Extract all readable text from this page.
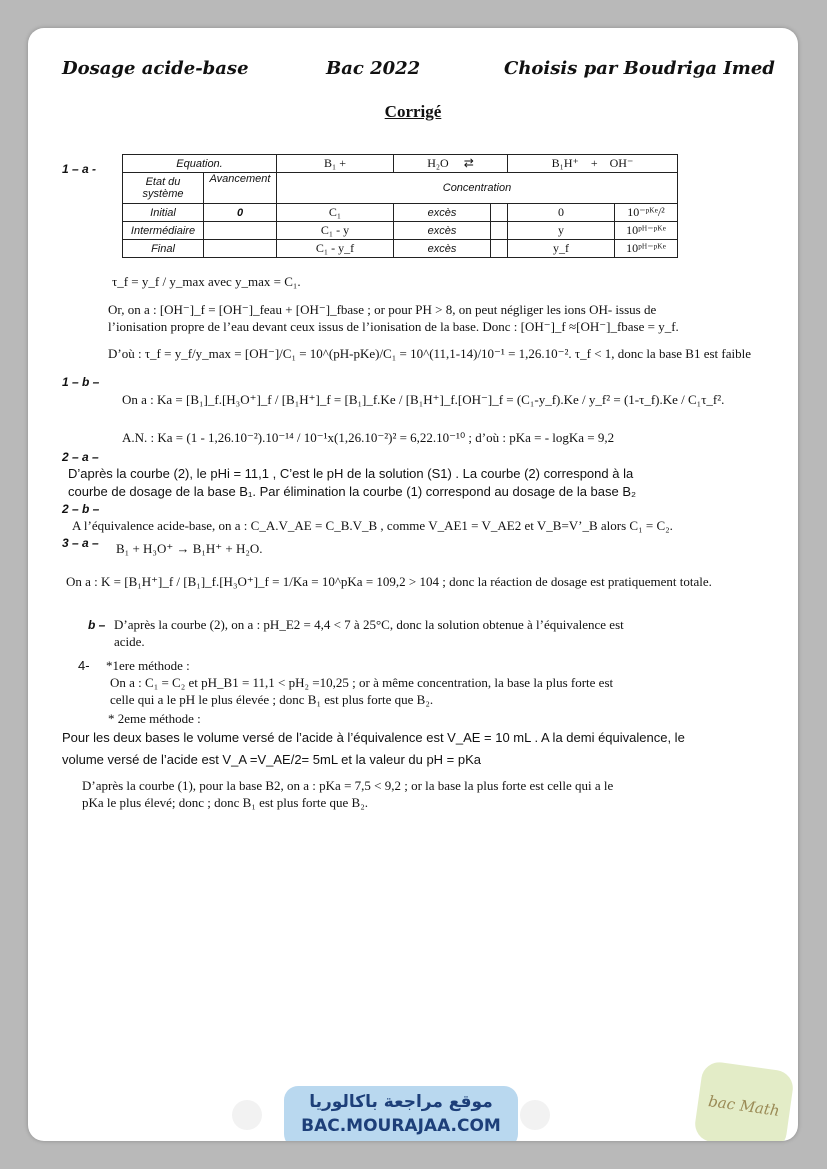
Dosage acide-base	Bac 2022	Choisis par Boudriga Imed
Corrigé
1 – a -	Equation.		B₁ +	H₂O ⇄		B₁H⁺ + OH⁻	
Etat du système	Avancement	Concentration				
Initial	0	C₁	excès		0	10⁻ᵖᴷᵉ/²
Intermédiaire		C₁ - y	excès		y	10ᵖᴴ⁻ᵖᴷᵉ
Final		C₁ - y_f	excès		y_f	10ᵖᴴ⁻ᵖᴷᵉ
τ_f = y_f / y_max avec y_max = C₁.
Or, on a : [OH⁻]_f = [OH⁻]_feau + [OH⁻]_fbase ; or pour PH > 8, on peut négliger les ions OH- issus de
l’ionisation propre de l’eau devant ceux issus de l’ionisation de la base. Donc : [OH⁻]_f ≈[OH⁻]_fbase = y_f.
D’où : τ_f = y_f/y_max = [OH⁻]/C₁ = 10^(pH-pKe)/C₁ = 10^(11,1-14)/10⁻¹ = 1,26.10⁻². τ_f < 1, donc la base B1 est faible
1 – b –
On a : Ka = [B₁]_f.[H₃O⁺]_f / [B₁H⁺]_f = [B₁]_f.Ke / [B₁H⁺]_f.[OH⁻]_f = (C₁-y_f).Ke / y_f² = (1-τ_f).Ke / C₁τ_f².
A.N. : Ka = (1 - 1,26.10⁻²).10⁻¹⁴ / 10⁻¹x(1,26.10⁻²)² = 6,22.10⁻¹⁰ ; d’où : pKa = - logKa = 9,2
2 – a –
D’après la courbe (2), le pHi = 11,1 , C’est le pH de la solution (S1) . La courbe (2) correspond à la
courbe de dosage de la base B₁. Par élimination la courbe (1) correspond au dosage de la base B₂
2 – b –
A l’équivalence acide-base, on a : C_A.V_AE = C_B.V_B , comme V_AE1 = V_AE2 et V_B=V’_B alors C₁ = C₂.
3 – a – B₁ + H₃O⁺ → B₁H⁺ + H₂O.
On a : K = [B₁H⁺]_f / [B₁]_f.[H₃O⁺]_f = 1/Ka = 10^pKa = 109,2 > 104 ; donc la réaction de dosage est pratiquement totale.
b – D’après la courbe (2), on a : pH_E2 = 4,4 < 7 à 25°C, donc la solution obtenue à l’équivalence est
acide.
4- *1ere méthode :
On a : C₁ = C₂ et pH_B1 = 11,1 < pH₂ =10,25 ; or à même concentration, la base la plus forte est
celle qui a le pH le plus élevée ; donc B₁ est plus forte que B₂.
* 2eme méthode :
Pour les deux bases le volume versé de l’acide à l’équivalence est V_AE = 10 mL . A la demi équivalence, le
volume versé de l’acide est V_A =V_AE/2= 5mL et la valeur du pH = pKa
D’après la courbe (1), pour la base B2, on a : pKa = 7,5 < 9,2 ; or la base la plus forte est celle qui a le
pKa le plus élevé; donc ; donc B₁ est plus forte que B₂.
موقع مراجعة باكالوريا
BAC.MOURAJAA.COM
bac Math
